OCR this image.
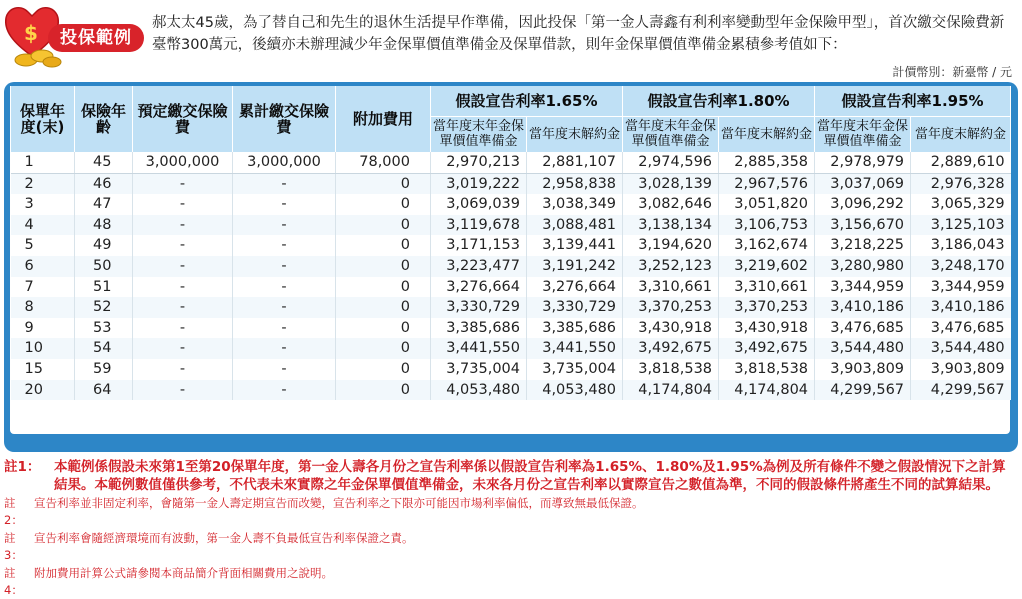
$	投保範例
郝太太45歲，為了替自己和先生的退休生活提早作準備，因此投保「第一金人壽鑫有利利率變動型年金保險甲型」，首次繳交保險費新臺幣300萬元，後續亦未辦理減少年金保單價值準備金及保單借款，則年金保單價值準備金累積參考值如下：
計價幣別：新臺幣 / 元
保單年度(末)	保險年齡	預定繳交保險費	累計繳交保險費	附加費用	假設宣告利率1.65%		假設宣告利率1.80%		假設宣告利率1.95%	
					當年度末年金保單價值準備金	當年度末解約金	當年度末年金保單價值準備金	當年度末解約金	當年度末年金保單價值準備金	當年度末解約金
1	45	3,000,000	3,000,000	78,000	2,970,213	2,881,107	2,974,596	2,885,358	2,978,979	2,889,610
2	46	-	-	0	3,019,222	2,958,838	3,028,139	2,967,576	3,037,069	2,976,328
3	47	-	-	0	3,069,039	3,038,349	3,082,646	3,051,820	3,096,292	3,065,329
4	48	-	-	0	3,119,678	3,088,481	3,138,134	3,106,753	3,156,670	3,125,103
5	49	-	-	0	3,171,153	3,139,441	3,194,620	3,162,674	3,218,225	3,186,043
6	50	-	-	0	3,223,477	3,191,242	3,252,123	3,219,602	3,280,980	3,248,170
7	51	-	-	0	3,276,664	3,276,664	3,310,661	3,310,661	3,344,959	3,344,959
8	52	-	-	0	3,330,729	3,330,729	3,370,253	3,370,253	3,410,186	3,410,186
9	53	-	-	0	3,385,686	3,385,686	3,430,918	3,430,918	3,476,685	3,476,685
10	54	-	-	0	3,441,550	3,441,550	3,492,675	3,492,675	3,544,480	3,544,480
15	59	-	-	0	3,735,004	3,735,004	3,818,538	3,818,538	3,903,809	3,903,809
20	64	-	-	0	4,053,480	4,053,480	4,174,804	4,174,804	4,299,567	4,299,567
註1：	本範例係假設未來第1至第20保單年度，第一金人壽各月份之宣告利率係以假設宣告利率為1.65%、1.80%及1.95%為例及所有條件不變之假設情況下之計算結果。本範例數值僅供參考，不代表未來實際之年金保單價值準備金，未來各月份之宣告利率以實際宣告之數值為準，不同的假設條件將產生不同的試算結果。
註2：
宣告利率並非固定利率，會隨第一金人壽定期宣告而改變，宣告利率之下限亦可能因市場利率偏低，而導致無最低保證。
註3：
宣告利率會隨經濟環境而有波動，第一金人壽不負最低宣告利率保證之責。
註4：
附加費用計算公式請參閱本商品簡介背面相關費用之說明。
